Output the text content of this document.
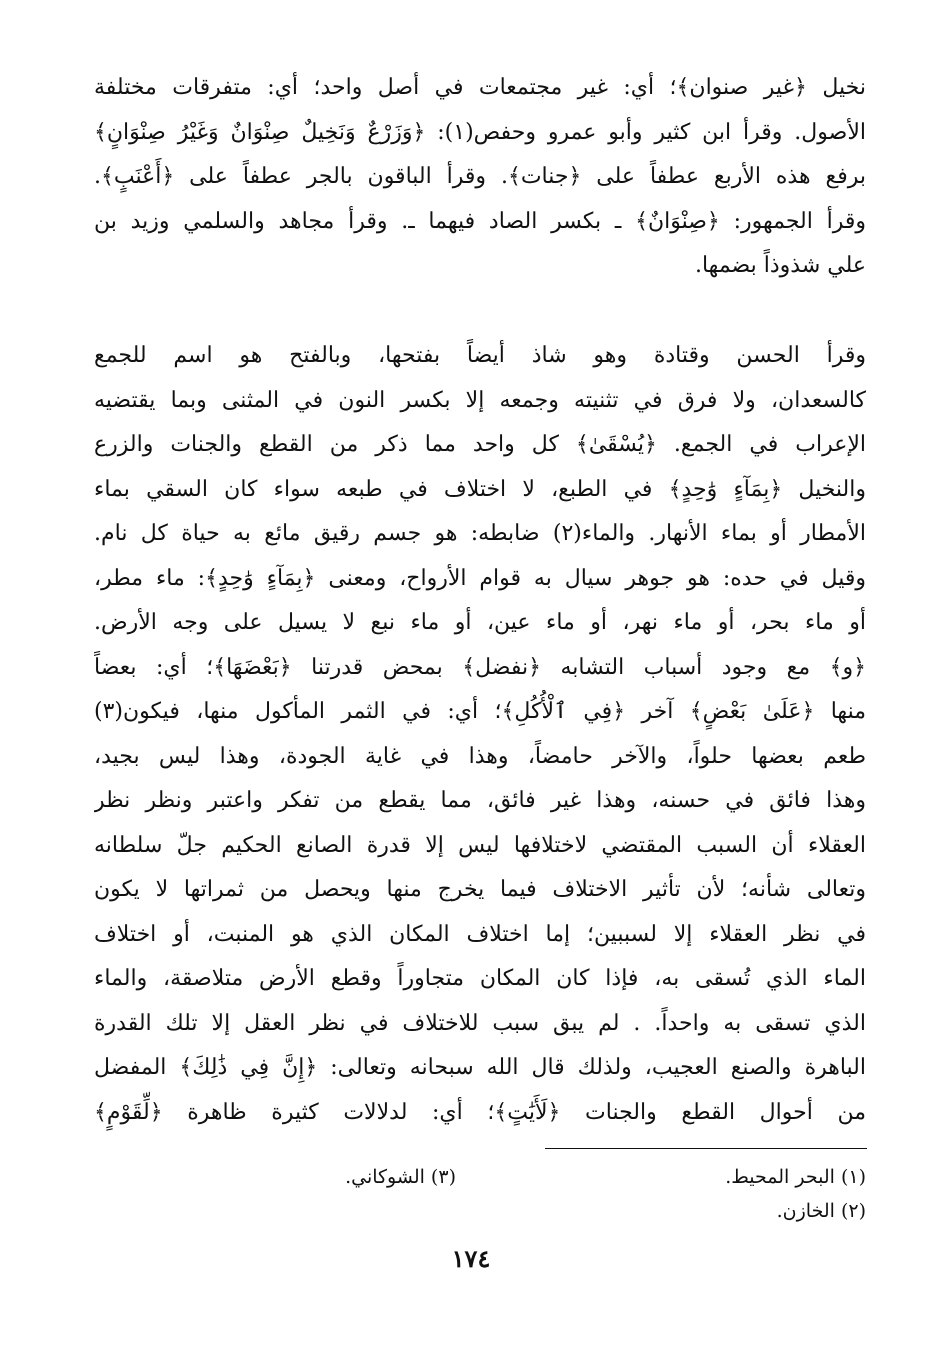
نخيل ﴿غير صنوان﴾؛ أي: غير مجتمعات في أصل واحد؛ أي: متفرقات مختلفة
الأصول. وقرأ ابن كثير وأبو عمرو وحفص(١): ﴿وَزَرْعٌ وَنَخِيلٌ صِنْوَانٌ وَغَيْرُ صِنْوَانٍ﴾
برفع هذه الأربع عطفاً على ﴿جنات﴾. وقرأ الباقون بالجر عطفاً على ﴿أَعْنَبٍ﴾.
وقرأ الجمهور: ﴿صِنْوَانٌ﴾ ـ بكسر الصاد فيهما ـ. وقرأ مجاهد والسلمي وزيد بن
علي شذوذاً بضمها.
وقرأ الحسن وقتادة وهو شاذ أيضاً بفتحها، وبالفتح هو اسم للجمع
كالسعدان، ولا فرق في تثنيته وجمعه إلا بكسر النون في المثنى وبما يقتضيه
الإعراب في الجمع. ﴿يُسْقَىٰ﴾ كل واحد مما ذكر من القطع والجنات والزرع
والنخيل ﴿بِمَآءٍ وَٰحِدٍ﴾ في الطبع، لا اختلاف في طبعه سواء كان السقي بماء
الأمطار أو بماء الأنهار. والماء(٢) ضابطه: هو جسم رقيق مائع به حياة كل نام.
وقيل في حده: هو جوهر سيال به قوام الأرواح، ومعنى ﴿بِمَآءٍ وَٰحِدٍ﴾: ماء مطر،
أو ماء بحر، أو ماء نهر، أو ماء عين، أو ماء نبع لا يسيل على وجه الأرض.
﴿و﴾ مع وجود أسباب التشابه ﴿نفضل﴾ بمحض قدرتنا ﴿بَعْضَهَا﴾؛ أي: بعضاً
منها ﴿عَلَىٰ بَعْضٍ﴾ آخر ﴿فِي ٱلْأُكُلِ﴾؛ أي: في الثمر المأكول منها، فيكون(٣)
طعم بعضها حلواً، والآخر حامضاً، وهذا في غاية الجودة، وهذا ليس بجيد،
وهذا فائق في حسنه، وهذا غير فائق، مما يقطع من تفكر واعتبر ونظر نظر
العقلاء أن السبب المقتضي لاختلافها ليس إلا قدرة الصانع الحكيم جلّ سلطانه
وتعالى شأنه؛ لأن تأثير الاختلاف فيما يخرج منها ويحصل من ثمراتها لا يكون
في نظر العقلاء إلا لسببين؛ إما اختلاف المكان الذي هو المنبت، أو اختلاف
الماء الذي تُسقى به، فإذا كان المكان متجاوراً وقطع الأرض متلاصقة، والماء
الذي تسقى به واحداً. . لم يبق سبب للاختلاف في نظر العقل إلا تلك القدرة
الباهرة والصنع العجيب، ولذلك قال الله سبحانه وتعالى: ﴿إِنَّ فِي ذَٰلِكَ﴾ المفضل
من أحوال القطع والجنات ﴿لَأَيَٰتٍ﴾؛ أي: لدلالات كثيرة ظاهرة ﴿لِّقَوْمٍ﴾
(١) البحر المحيط.
(٣) الشوكاني.
(٢) الخازن.
١٧٤
